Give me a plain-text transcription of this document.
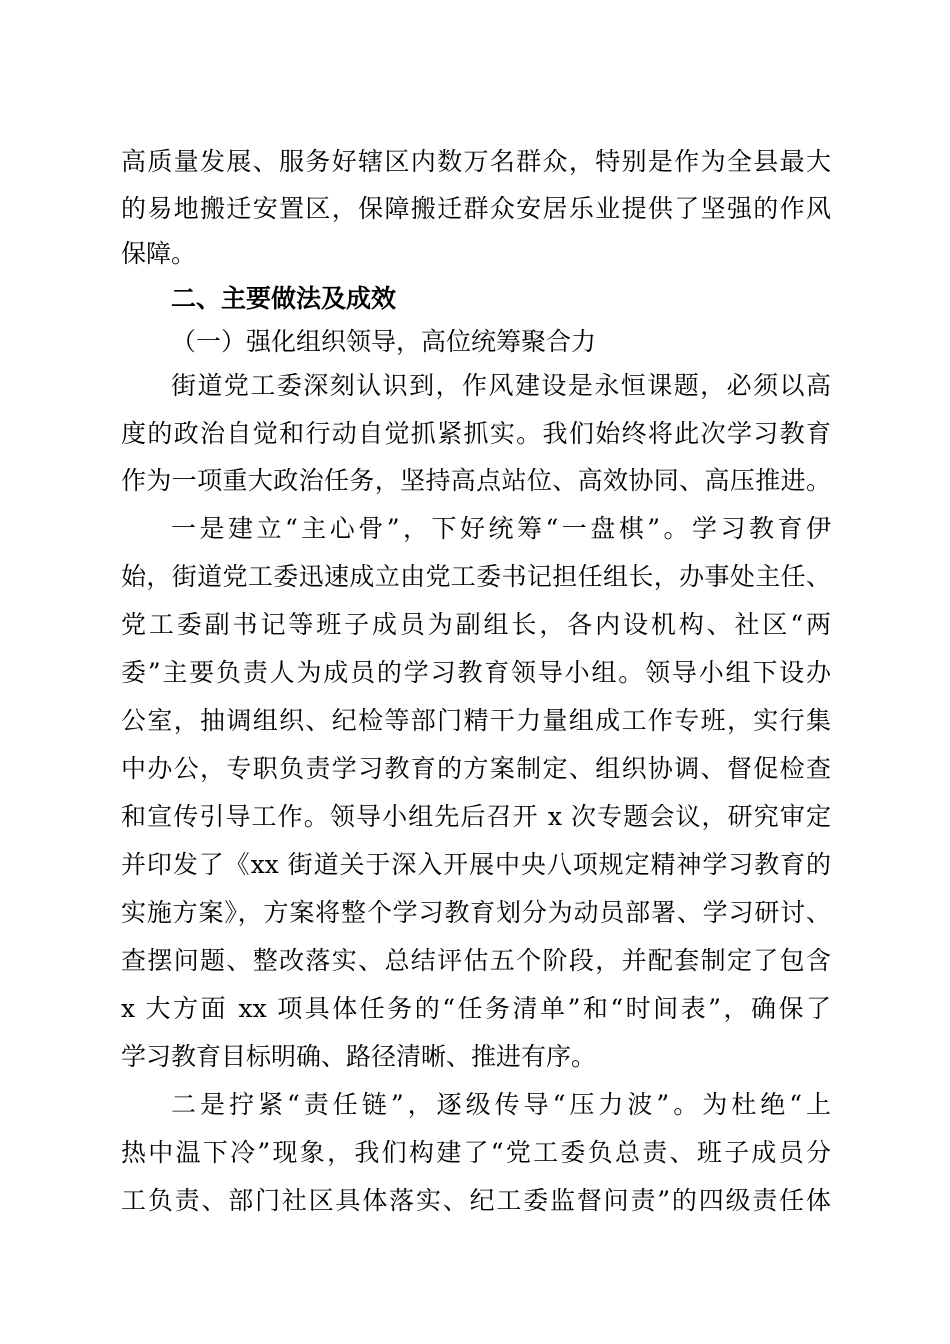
高质量发展、服务好辖区内数万名群众，特别是作为全县最大
的易地搬迁安置区，保障搬迁群众安居乐业提供了坚强的作风
保障。
二、主要做法及成效
（一）强化组织领导，高位统筹聚合力
街道党工委深刻认识到，作风建设是永恒课题，必须以高
度的政治自觉和行动自觉抓紧抓实。我们始终将此次学习教育
作为一项重大政治任务，坚持高点站位、高效协同、高压推进。
一是建立“主心骨”，下好统筹“一盘棋”。学习教育伊
始，街道党工委迅速成立由党工委书记担任组长，办事处主任、
党工委副书记等班子成员为副组长，各内设机构、社区“两
委”主要负责人为成员的学习教育领导小组。领导小组下设办
公室，抽调组织、纪检等部门精干力量组成工作专班，实行集
中办公，专职负责学习教育的方案制定、组织协调、督促检查
和宣传引导工作。领导小组先后召开 x 次专题会议，研究审定
并印发了《xx 街道关于深入开展中央八项规定精神学习教育的
实施方案》，方案将整个学习教育划分为动员部署、学习研讨、
查摆问题、整改落实、总结评估五个阶段，并配套制定了包含
x 大方面 xx 项具体任务的“任务清单”和“时间表”，确保了
学习教育目标明确、路径清晰、推进有序。
二是拧紧“责任链”，逐级传导“压力波”。为杜绝“上
热中温下冷”现象，我们构建了“党工委负总责、班子成员分
工负责、部门社区具体落实、纪工委监督问责”的四级责任体
